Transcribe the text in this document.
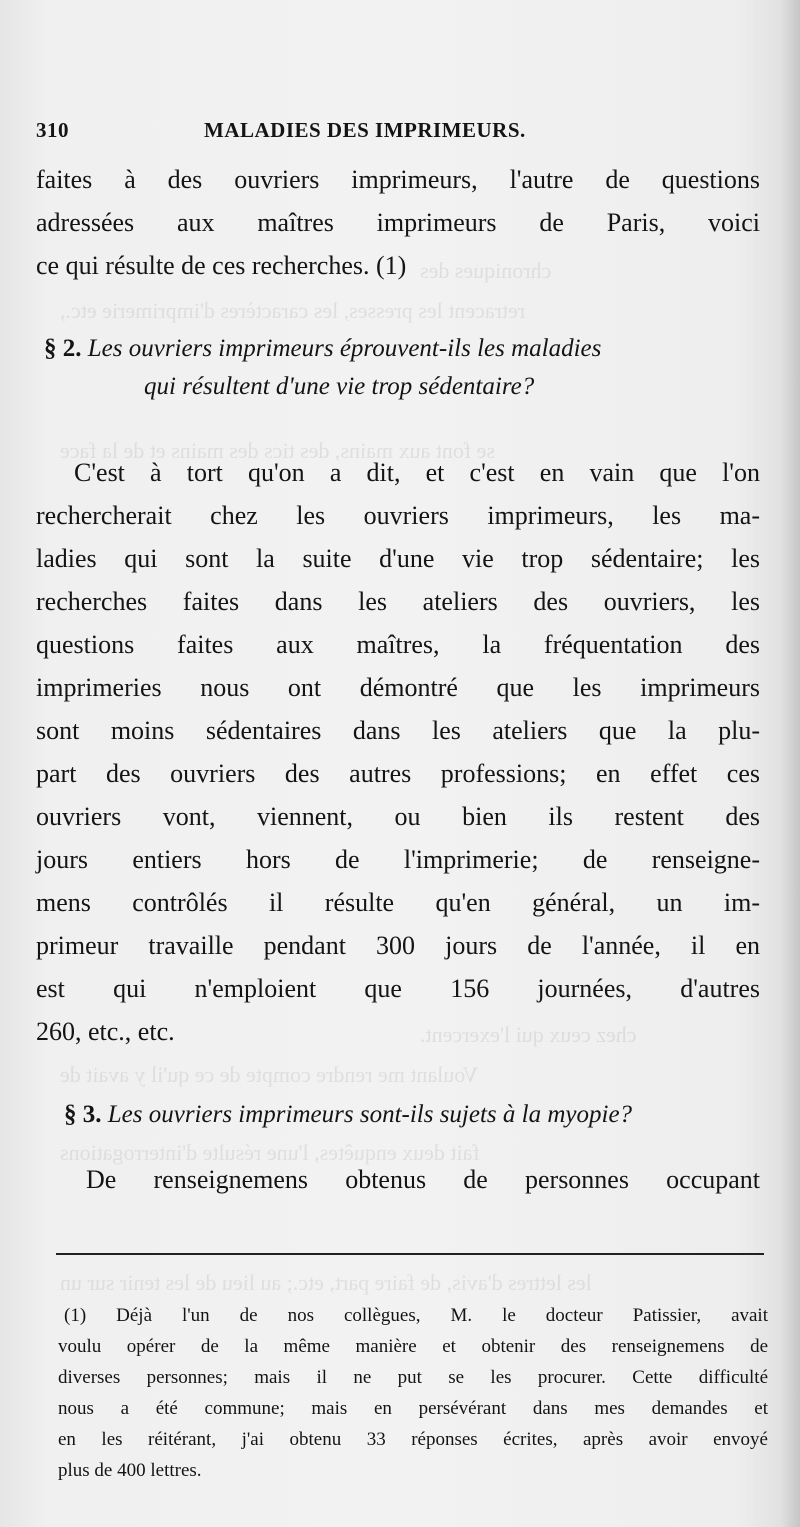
chroniques des
retracent les presses, les caractères d'imprimerie etc.,
se font aux mains, des tics des mains et de la face
chez ceux qui l'exercent.
Voulant me rendre compte de ce qu'il y avait de
fait deux enquêtes, l'une résulte d'interrogations
les lettres d'avis, de faire part, etc.; au lieu de les tenir sur un
310	MALADIES DES IMPRIMEURS.
faites à des ouvriers imprimeurs, l'autre de questions
adressées aux maîtres imprimeurs de Paris, voici
ce qui résulte de ces recherches. (1)
§ 2. Les ouvriers imprimeurs éprouvent-ils les maladies
qui résultent d'une vie trop sédentaire?
C'est à tort qu'on a dit, et c'est en vain que l'on
rechercherait chez les ouvriers imprimeurs, les ma-
ladies qui sont la suite d'une vie trop sédentaire; les
recherches faites dans les ateliers des ouvriers, les
questions faites aux maîtres, la fréquentation des
imprimeries nous ont démontré que les imprimeurs
sont moins sédentaires dans les ateliers que la plu-
part des ouvriers des autres professions; en effet ces
ouvriers vont, viennent, ou bien ils restent des
jours entiers hors de l'imprimerie; de renseigne-
mens contrôlés il résulte qu'en général, un im-
primeur travaille pendant 300 jours de l'année, il en
est qui n'emploient que 156 journées, d'autres
260, etc., etc.
§ 3. Les ouvriers imprimeurs sont-ils sujets à la myopie?
De renseignemens obtenus de personnes occupant
(1) Déjà l'un de nos collègues, M. le docteur Patissier, avait
voulu opérer de la même manière et obtenir des renseignemens de
diverses personnes; mais il ne put se les procurer. Cette difficulté
nous a été commune; mais en persévérant dans mes demandes et
en les réitérant, j'ai obtenu 33 réponses écrites, après avoir envoyé
plus de 400 lettres.
